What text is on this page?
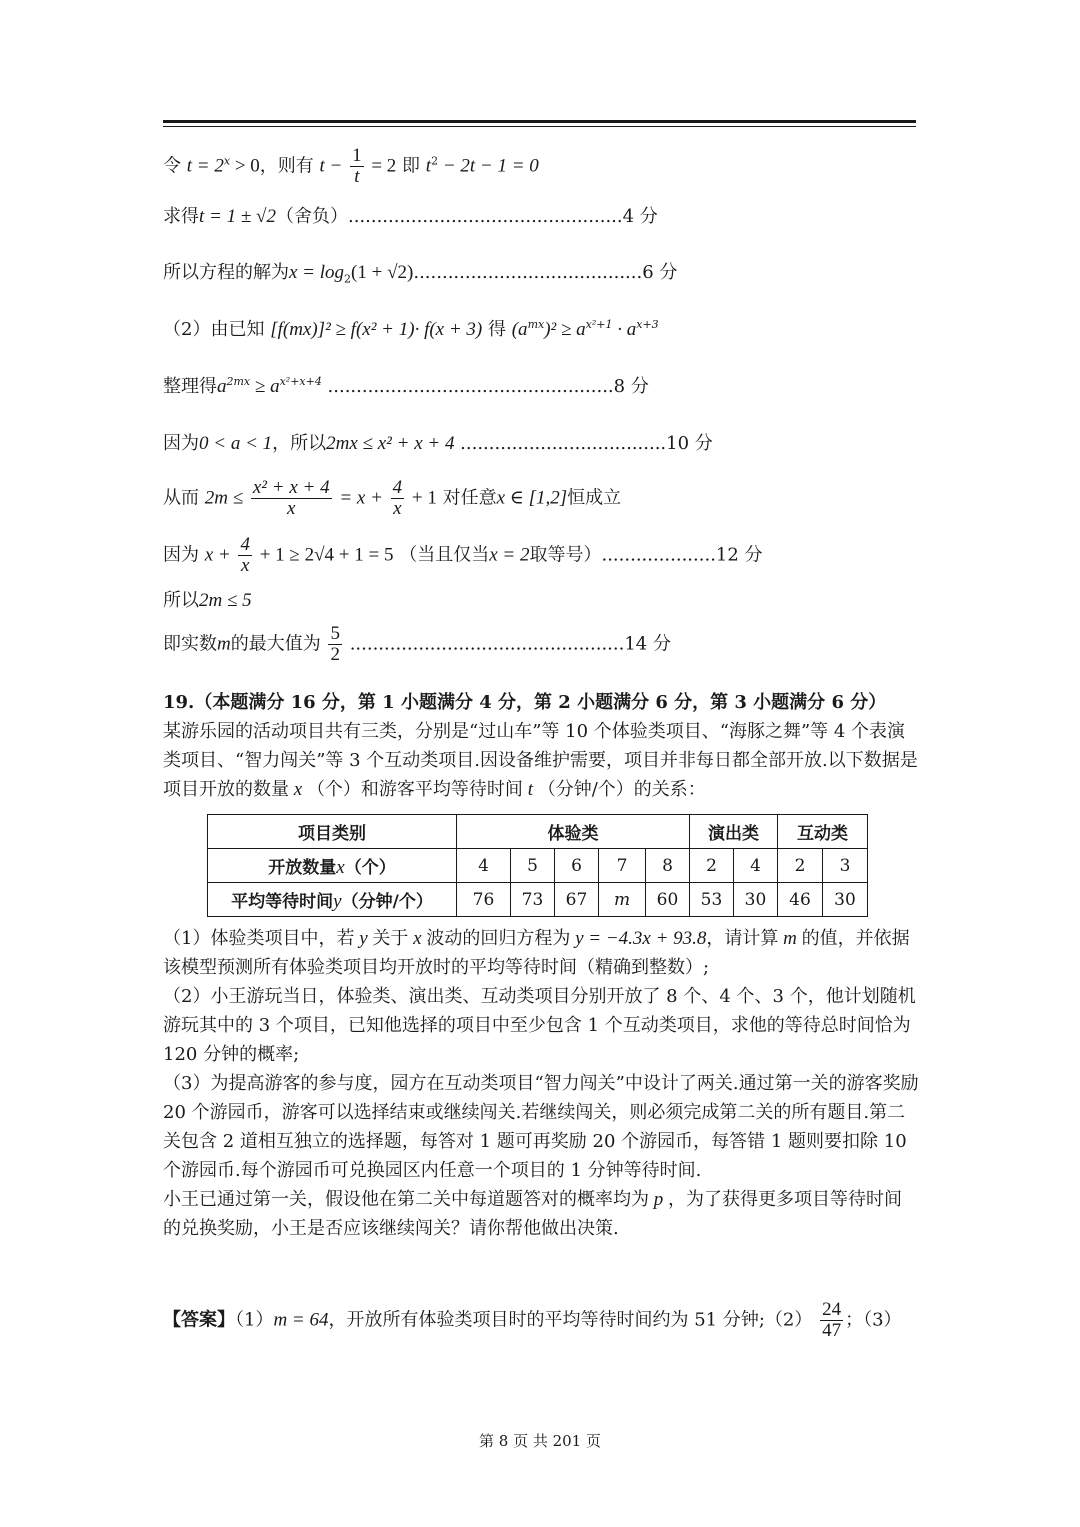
令 $t = 2^x > 0$，则有 $t - \frac{1}{t} = 2$ 即 $t^2 - 2t - 1 = 0$
求得t = 1 ± √2（舍负）................................................4 分
所以方程的解为$x = \log_2(1 + √2)........................................6$ 分
（2）由已知 [f(mx)]² ≥ f(x² + 1)· f(x + 3) 得 $(a^{mx})^2 \ge a^{x^2+1} \cdot a^{x+3}$
整理得$a^{2mx} \ge a^{x^2+x+4}$ ..................................................8 分
因为0 < a < 1，所以2mx ≤ x² + x + 4 ....................................10 分
从而 $2m \le \frac{\text{x² + x + 4}}{x} = x + \frac{4}{x} + 1$ 对任意x ∈ [1,2]恒成立
因为 $x + \frac{4}{x} + 1 \ge 2√4 + 1 = 5$ （当且仅当x = 2取等号）....................12 分
所以2m ≤ 5
即实数m的最大值为 $\frac{5}{2} ................................................14$ 分
19.（本题满分 16 分，第 1 小题满分 4 分，第 2 小题满分 6 分，第 3 小题满分 6 分）
某游乐园的活动项目共有三类，分别是“过山车”等 10 个体验类项目、“海豚之舞”等 4 个表演类项目、“智力闯关”等 3 个互动类项目.因设备维护需要，项目并非每日都全部开放.以下数据是项目开放的数量 x （个）和游客平均等待时间 t （分钟/个）的关系：
项目类别	体验类					演出类		互动类	
开放数量x（个）	4	5	6	7	8	2	4	2	3
平均等待时间y（分钟/个）	76	73	67	m	60	53	30	46	30
（1）体验类项目中，若 y 关于 x 波动的回归方程为 y = −4.3x + 93.8，请计算 m 的值，并依据该模型预测所有体验类项目均开放时的平均等待时间（精确到整数）;
（2）小王游玩当日，体验类、演出类、互动类项目分别开放了 8 个、4 个、3 个，他计划随机游玩其中的 3 个项目，已知他选择的项目中至少包含 1 个互动类项目，求他的等待总时间恰为 120 分钟的概率;
（3）为提高游客的参与度，园方在互动类项目“智力闯关”中设计了两关.通过第一关的游客奖励 20 个游园币，游客可以选择结束或继续闯关.若继续闯关，则必须完成第二关的所有题目.第二关包含 2 道相互独立的选择题，每答对 1 题可再奖励 20 个游园币，每答错 1 题则要扣除 10 个游园币.每个游园币可兑换园区内任意一个项目的 1 分钟等待时间.
小王已通过第一关，假设他在第二关中每道题答对的概率均为 p ，为了获得更多项目等待时间的兑换奖励，小王是否应该继续闯关？请你帮他做出决策.
【答案】（1）m = 64，开放所有体验类项目时的平均等待时间约为 51 分钟;（2） $\frac{24}{47}$ ；（3）
第 8 页 共 201 页
